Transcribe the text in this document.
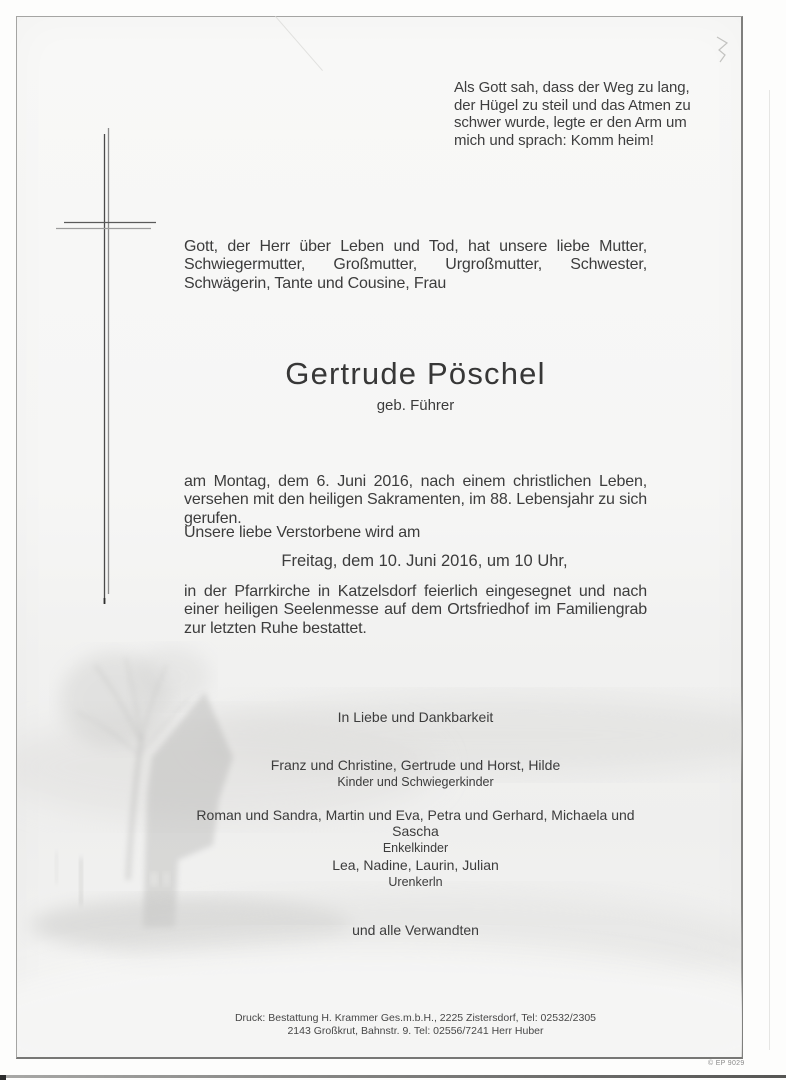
Als Gott sah, dass der Weg zu lang,
der Hügel zu steil und das Atmen zu
schwer wurde, legte er den Arm um
mich und sprach: Komm heim!

Gott, der Herr über Leben und Tod, hat unsere liebe Mutter, Schwiegermutter, Großmutter, Urgroßmutter, Schwester, Schwägerin, Tante und Cousine, Frau

Gertrude Pöschel
geb. Führer

am Montag, dem 6. Juni 2016, nach einem christlichen Leben, versehen mit den heiligen Sakramenten, im 88. Lebensjahr zu sich gerufen.

Unsere liebe Verstorbene wird am

Freitag, dem 10. Juni 2016, um 10 Uhr,

in der Pfarrkirche in Katzelsdorf feierlich eingesegnet und nach einer heiligen Seelenmesse auf dem Ortsfriedhof im Familiengrab zur letzten Ruhe bestattet.

In Liebe und Dankbarkeit

Franz und Christine, Gertrude und Horst, Hilde
Kinder und Schwiegerkinder
Roman und Sandra, Martin und Eva, Petra und Gerhard, Michaela und Sascha
Enkelkinder
Lea, Nadine, Laurin, Julian
Urenkerln

und alle Verwandten

Druck: Bestattung H. Krammer Ges.m.b.H., 2225 Zistersdorf, Tel: 02532/2305
2143 Großkrut, Bahnstr. 9. Tel: 02556/7241 Herr Huber
© EP 9029
